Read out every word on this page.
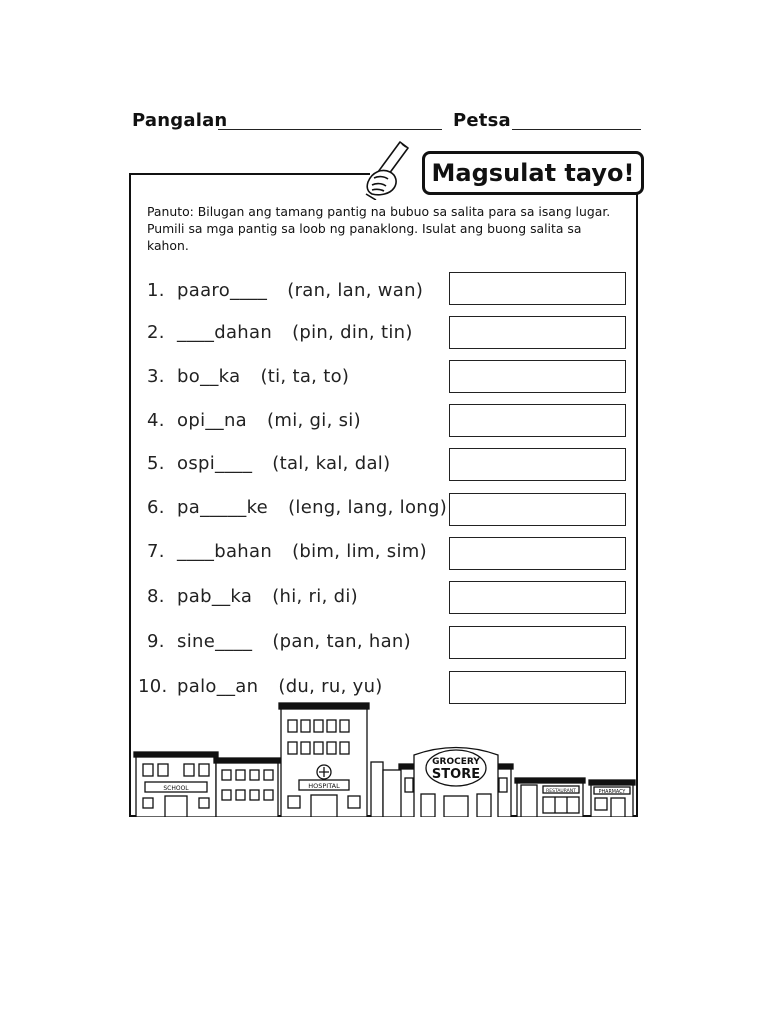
Pangalan	Petsa
Magsulat tayo!
Panuto: Bilugan ang tamang pantig na bubuo sa salita para sa isang lugar. Pumili sa mga pantig sa loob ng panaklong. Isulat ang buong salita sa kahon.
1. paaro____ (ran, lan, wan)
2. ____dahan (pin, din, tin)
3. bo__ka (ti, ta, to)
4. opi__na (mi, gi, si)
5. ospi____ (tal, kal, dal)
6. pa_____ke (leng, lang, long)
7. ____bahan (bim, lim, sim)
8. pab__ka (hi, ri, di)
9. sine____ (pan, tan, han)
10. palo__an (du, ru, yu)
SCHOOL	HOSPITAL
GROCERY
STORE
RESTAURANT	PHARMACY
